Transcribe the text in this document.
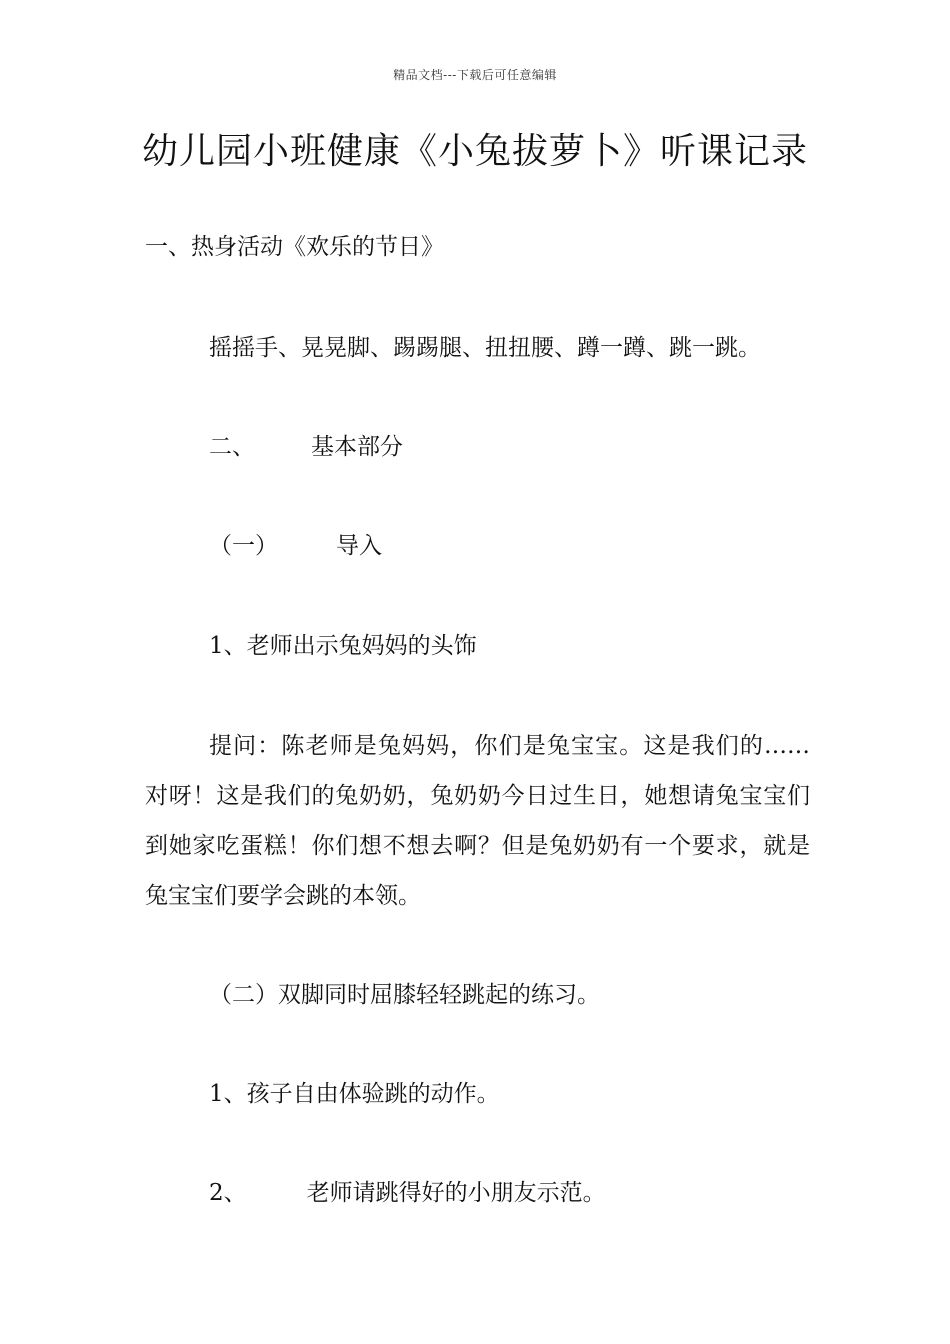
精品文档---下载后可任意编辑
幼儿园小班健康《小兔拔萝卜》听课记录
一、热身活动《欢乐的节日》
摇摇手、晃晃脚、踢踢腿、扭扭腰、蹲一蹲、跳一跳。
二、 基本部分
（一）	导入
1、老师出示兔妈妈的头饰
提问：陈老师是兔妈妈，你们是兔宝宝。这是我们的…… 对呀！这是我们的兔奶奶，兔奶奶今日过生日，她想请兔宝宝们到她家吃蛋糕！你们想不想去啊？但是兔奶奶有一个要求，就是兔宝宝们要学会跳的本领。
（二）双脚同时屈膝轻轻跳起的练习。
1、孩子自由体验跳的动作。
2、	老师请跳得好的小朋友示范。
